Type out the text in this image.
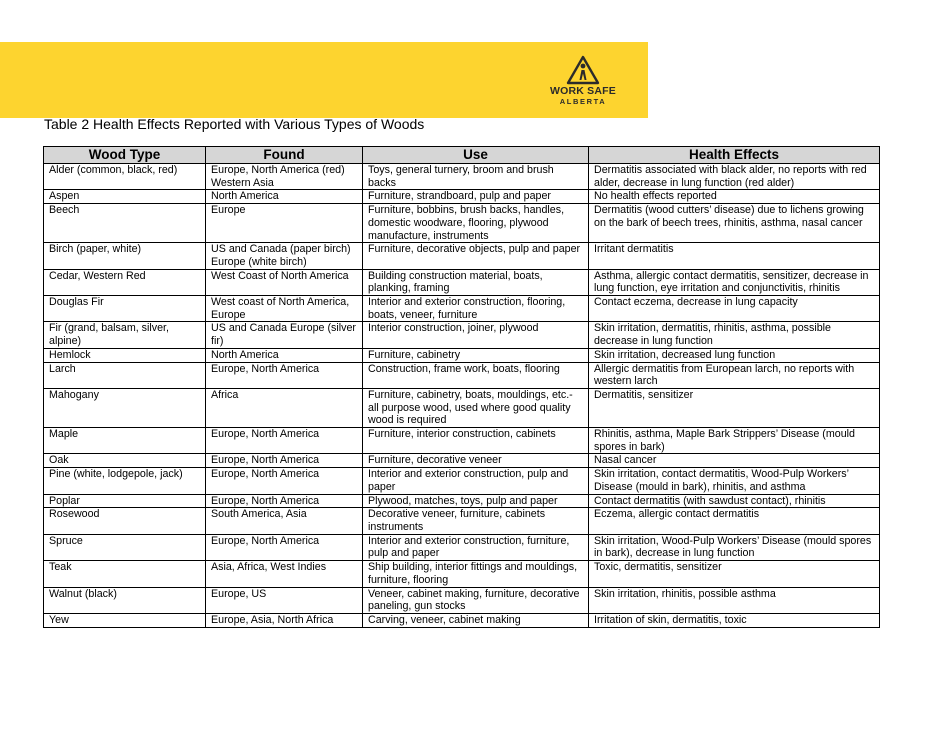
WORK SAFE
ALBERTA
Table 2 Health Effects Reported with Various Types of Woods
Wood Type	Found	Use	Health Effects
Alder (common, black, red)	Europe, North America (red) Western Asia	Toys, general turnery, broom and brush backs	Dermatitis associated with black alder, no reports with red alder, decrease in lung function (red alder)
Aspen	North America	Furniture, strandboard, pulp and paper	No health effects reported
Beech	Europe	Furniture, bobbins, brush backs, handles, domestic woodware, flooring, plywood manufacture, instruments	Dermatitis (wood cutters’ disease) due to lichens growing on the bark of beech trees, rhinitis, asthma, nasal cancer
Birch (paper, white)	US and Canada (paper birch) Europe (white birch)	Furniture, decorative objects, pulp and paper	Irritant dermatitis
Cedar, Western Red	West Coast of North America	Building construction material, boats, planking, framing	Asthma, allergic contact dermatitis, sensitizer, decrease in lung function, eye irritation and conjunctivitis, rhinitis
Douglas Fir	West coast of North America, Europe	Interior and exterior construction, flooring, boats, veneer, furniture	Contact eczema, decrease in lung capacity
Fir (grand, balsam, silver, alpine)	US and Canada Europe (silver fir)	Interior construction, joiner, plywood	Skin irritation, dermatitis, rhinitis, asthma, possible decrease in lung function
Hemlock	North America	Furniture, cabinetry	Skin irritation, decreased lung function
Larch	Europe, North America	Construction, frame work, boats, flooring	Allergic dermatitis from European larch, no reports with western larch
Mahogany	Africa	Furniture, cabinetry, boats, mouldings, etc.- all purpose wood, used where good quality wood is required	Dermatitis, sensitizer
Maple	Europe, North America	Furniture, interior construction, cabinets	Rhinitis, asthma, Maple Bark Strippers’ Disease (mould spores in bark)
Oak	Europe, North America	Furniture, decorative veneer	Nasal cancer
Pine (white, lodgepole, jack)	Europe, North America	Interior and exterior construction, pulp and paper	Skin irritation, contact dermatitis, Wood-Pulp Workers’ Disease (mould in bark), rhinitis, and asthma
Poplar	Europe, North America	Plywood, matches, toys, pulp and paper	Contact dermatitis (with sawdust contact), rhinitis
Rosewood	South America, Asia	Decorative veneer, furniture, cabinets instruments	Eczema, allergic contact dermatitis
Spruce	Europe, North America	Interior and exterior construction, furniture, pulp and paper	Skin irritation, Wood-Pulp Workers’ Disease (mould spores in bark), decrease in lung function
Teak	Asia, Africa, West Indies	Ship building, interior fittings and mouldings, furniture, flooring	Toxic, dermatitis, sensitizer
Walnut (black)	Europe, US	Veneer, cabinet making, furniture, decorative paneling, gun stocks	Skin irritation, rhinitis, possible asthma
Yew	Europe, Asia, North Africa	Carving, veneer, cabinet making	Irritation of skin, dermatitis, toxic
